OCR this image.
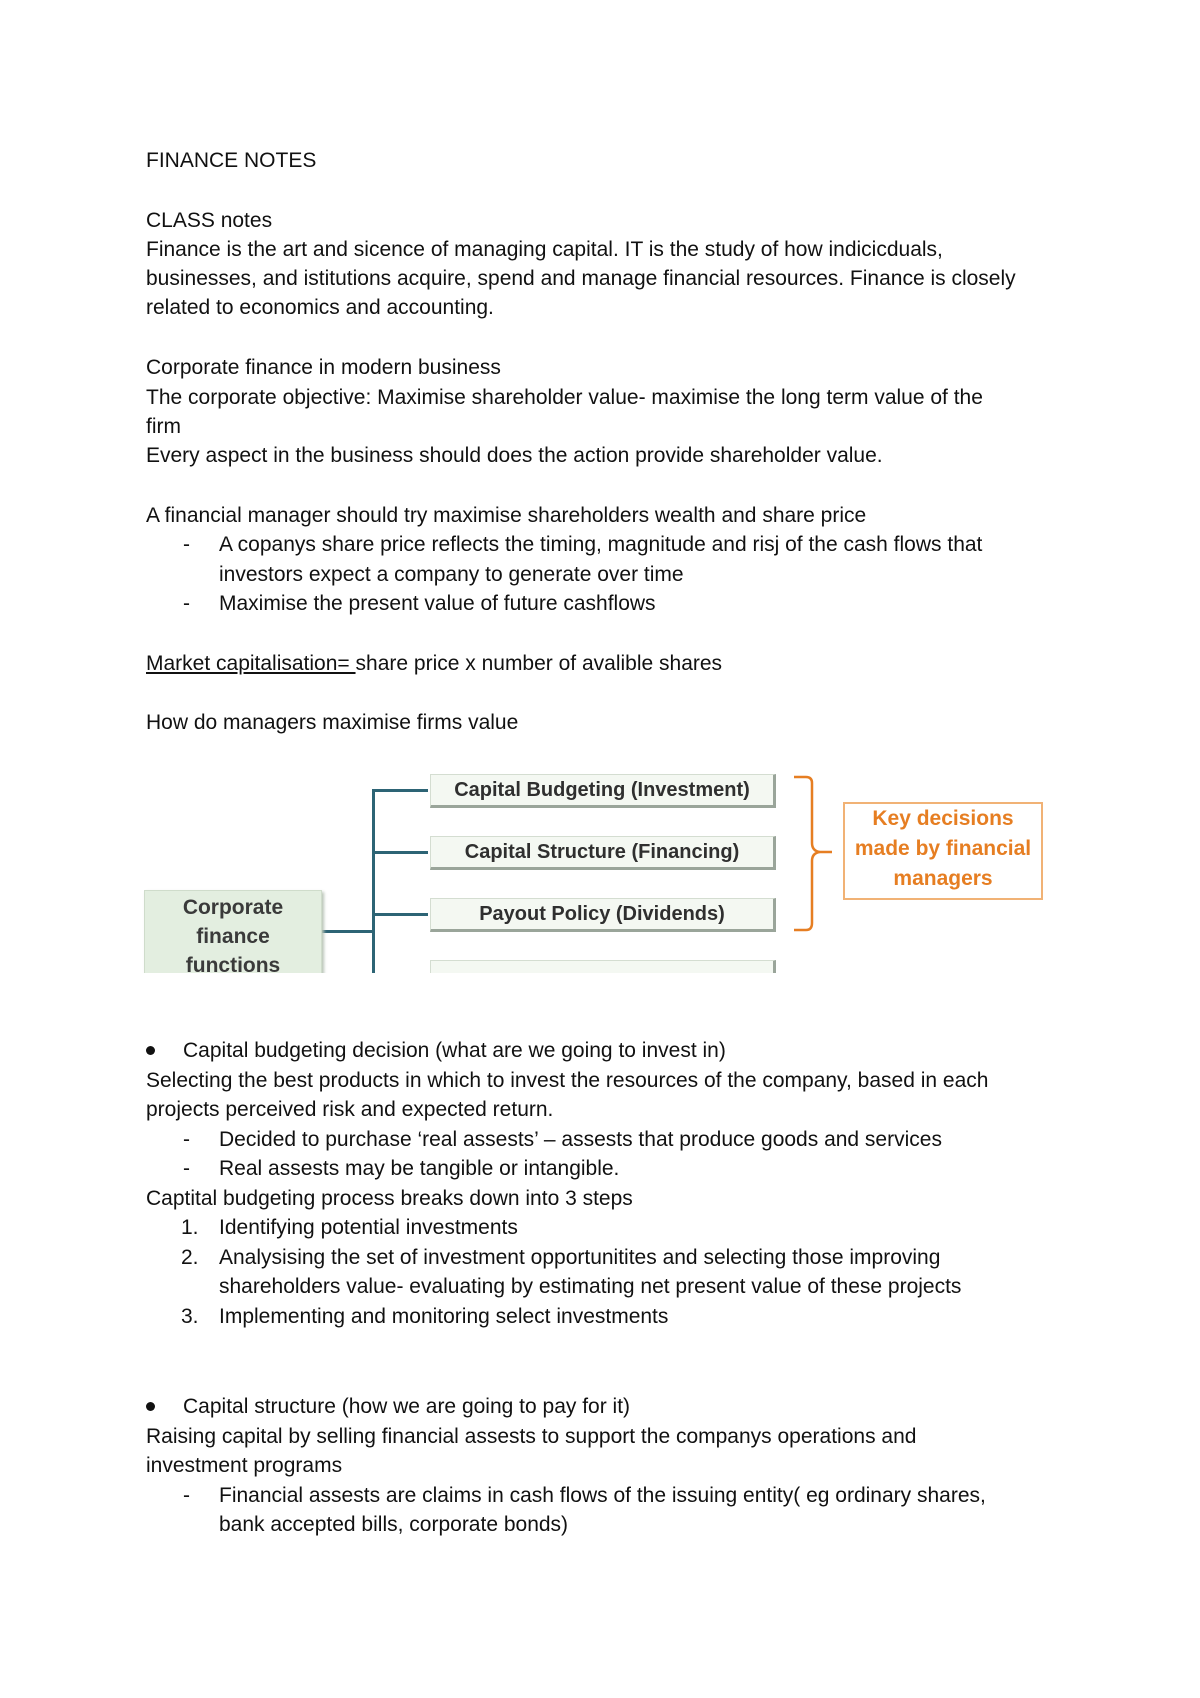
FINANCE NOTES
CLASS notes
Finance is the art and sicence of managing capital. IT is the study of how indicicduals,
businesses, and istitutions acquire, spend and manage financial resources. Finance is closely
related to economics and accounting.
Corporate finance in modern business
The corporate objective: Maximise shareholder value- maximise the long term value of the
firm
Every aspect in the business should does the action provide shareholder value.
A financial manager should try maximise shareholders wealth and share price
- A copanys share price reflects the timing, magnitude and risj of the cash flows that
investors expect a company to generate over time
- Maximise the present value of future cashflows
Market capitalisation= share price x number of avalible shares
How do managers maximise firms value
Corporate
finance
functions
Capital Budgeting (Investment)
Capital Structure (Financing)
Payout Policy (Dividends)
Key decisions
made by financial
managers
Capital budgeting decision (what are we going to invest in)
Selecting the best products in which to invest the resources of the company, based in each
projects perceived risk and expected return.
- Decided to purchase ‘real assests’ – assests that produce goods and services
- Real assests may be tangible or intangible.
Captital budgeting process breaks down into 3 steps
1. Identifying potential investments
2. Analysising the set of investment opportunitites and selecting those improving
shareholders value- evaluating by estimating net present value of these projects
3. Implementing and monitoring select investments
Capital structure (how we are going to pay for it)
Raising capital by selling financial assests to support the companys operations and
investment programs
- Financial assests are claims in cash flows of the issuing entity( eg ordinary shares,
bank accepted bills, corporate bonds)
